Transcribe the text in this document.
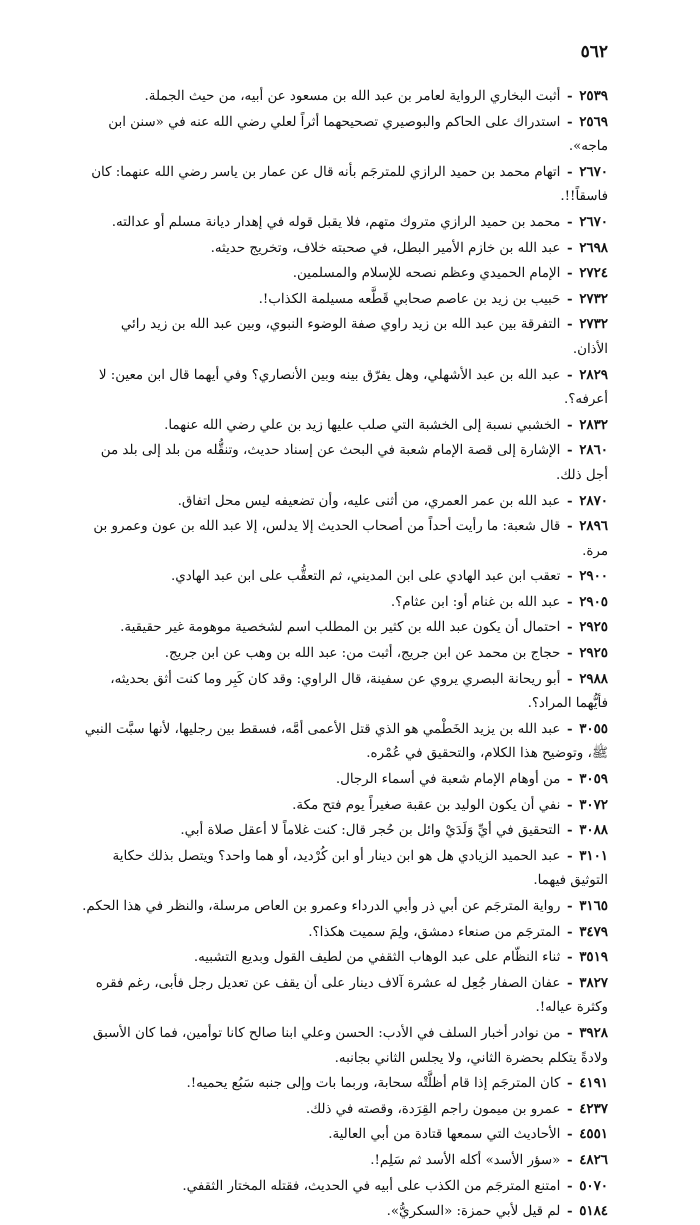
٥٦٢
٢٥٣٩ - أثبت البخاري الرواية لعامر بن عبد الله بن مسعود عن أبيه، من حيث الجملة.
٢٥٦٩ - استدراك على الحاكم والبوصيري تصحيحهما أثراً لعلي رضي الله عنه في «سنن ابن ماجه».
٢٦٧٠ - اتهام محمد بن حميد الرازي للمترجَم بأنه قال عن عمار بن ياسر رضي الله عنهما: كان فاسقاً!!.
٢٦٧٠ - محمد بن حميد الرازي متروك متهم، فلا يقبل قوله في إهدار ديانة مسلم أو عدالته.
٢٦٩٨ - عبد الله بن خازم الأمير البطل، في صحبته خلاف، وتخريج حديثه.
٢٧٢٤ - الإمام الحميدي وعظم نصحه للإسلام والمسلمين.
٢٧٣٢ - حَبيب بن زيد بن عاصم صحابي قَطَّعه مسيلمة الكذاب!.
٢٧٣٢ - التفرقة بين عبد الله بن زيد راوي صفة الوضوء النبوي، وبين عبد الله بن زيد رائي الأذان.
٢٨٢٩ - عبد الله بن عبد الأشهلي، وهل يفرّق بينه وبين الأنصاري؟ وفي أيهما قال ابن معين: لا أعرفه؟.
٢٨٣٢ - الخشبي نسبة إلى الخشبة التي صلب عليها زيد بن علي رضي الله عنهما.
٢٨٦٠ - الإشارة إلى قصة الإمام شعبة في البحث عن إسناد حديث، وتنقُّله من بلد إلى بلد من أجل ذلك.
٢٨٧٠ - عبد الله بن عمر العمري، من أثنى عليه، وأن تضعيفه ليس محل اتفاق.
٢٨٩٦ - قال شعبة: ما رأيت أحداً من أصحاب الحديث إلا يدلس، إلا عبد الله بن عون وعمرو بن مرة.
٢٩٠٠ - تعقب ابن عبد الهادي على ابن المديني، ثم التعقُّب على ابن عبد الهادي.
٢٩٠٥ - عبد الله بن غنام أو: ابن عثام؟.
٢٩٢٥ - احتمال أن يكون عبد الله بن كثير بن المطلب اسم لشخصية موهومة غير حقيقية.
٢٩٢٥ - حجاج بن محمد عن ابن جريج، أثبت من: عبد الله بن وهب عن ابن جريج.
٢٩٨٨ - أبو ريحانة البصري يروي عن سفينة، قال الراوي: وقد كان كَبِر وما كنت أثق بحديثه، فأيُّهما المراد؟.
٣٠٥٥ - عبد الله بن يزيد الخَطْمي هو الذي قتل الأعمى أمَّه، فسقط بين رجليها، لأنها سبَّت النبي ﷺ، وتوضيح هذا الكلام، والتحقيق في عُمْره.
٣٠٥٩ - من أوهام الإمام شعبة في أسماء الرجال.
٣٠٧٢ - نفي أن يكون الوليد بن عقبة صغيراً يوم فتح مكة.
٣٠٨٨ - التحقيق في أيِّ وَلَدَيْ وائل بن حُجر قال: كنت غلاماً لا أعقل صلاة أبي.
٣١٠١ - عبد الحميد الزيادي هل هو ابن دينار أو ابن كُرْديد، أو هما واحد؟ ويتصل بذلك حكاية التوثيق فيهما.
٣١٦٥ - رواية المترجَم عن أبي ذر وأبي الدرداء وعمرو بن العاص مرسلة، والنظر في هذا الحكم.
٣٤٧٩ - المترجَم من صنعاء دمشق، ولِمَ سميت هكذا؟.
٣٥١٩ - ثناء النظّام على عبد الوهاب الثقفي من لطيف القول وبديع التشبيه.
٣٨٢٧ - عفان الصفار جُعِل له عشرة آلاف دينار على أن يقف عن تعديل رجل فأبى، رغم فقره وكثرة عياله!.
٣٩٢٨ - من نوادر أخبار السلف في الأدب: الحسن وعلي ابنا صالح كانا توأمين، فما كان الأسبق ولادةً يتكلم بحضرة الثاني، ولا يجلس الثاني بجانبه.
٤١٩١ - كان المترجَم إذا قام أظلَّتْه سحابة، وربما بات وإلى جنبه سَبُع يحميه!.
٤٢٣٧ - عمرو بن ميمون راجم القِرَدة، وقصته في ذلك.
٤٥٥١ - الأحاديث التي سمعها قتادة من أبي العالية.
٤٨٢٦ - «سؤر الأسد» أكله الأسد ثم سَلِم!.
٥٠٧٠ - امتنع المترجَم من الكذب على أبيه في الحديث، فقتله المختار الثقفي.
٥١٨٤ - لم قيل لأبي حمزة: «السكريُّ».
